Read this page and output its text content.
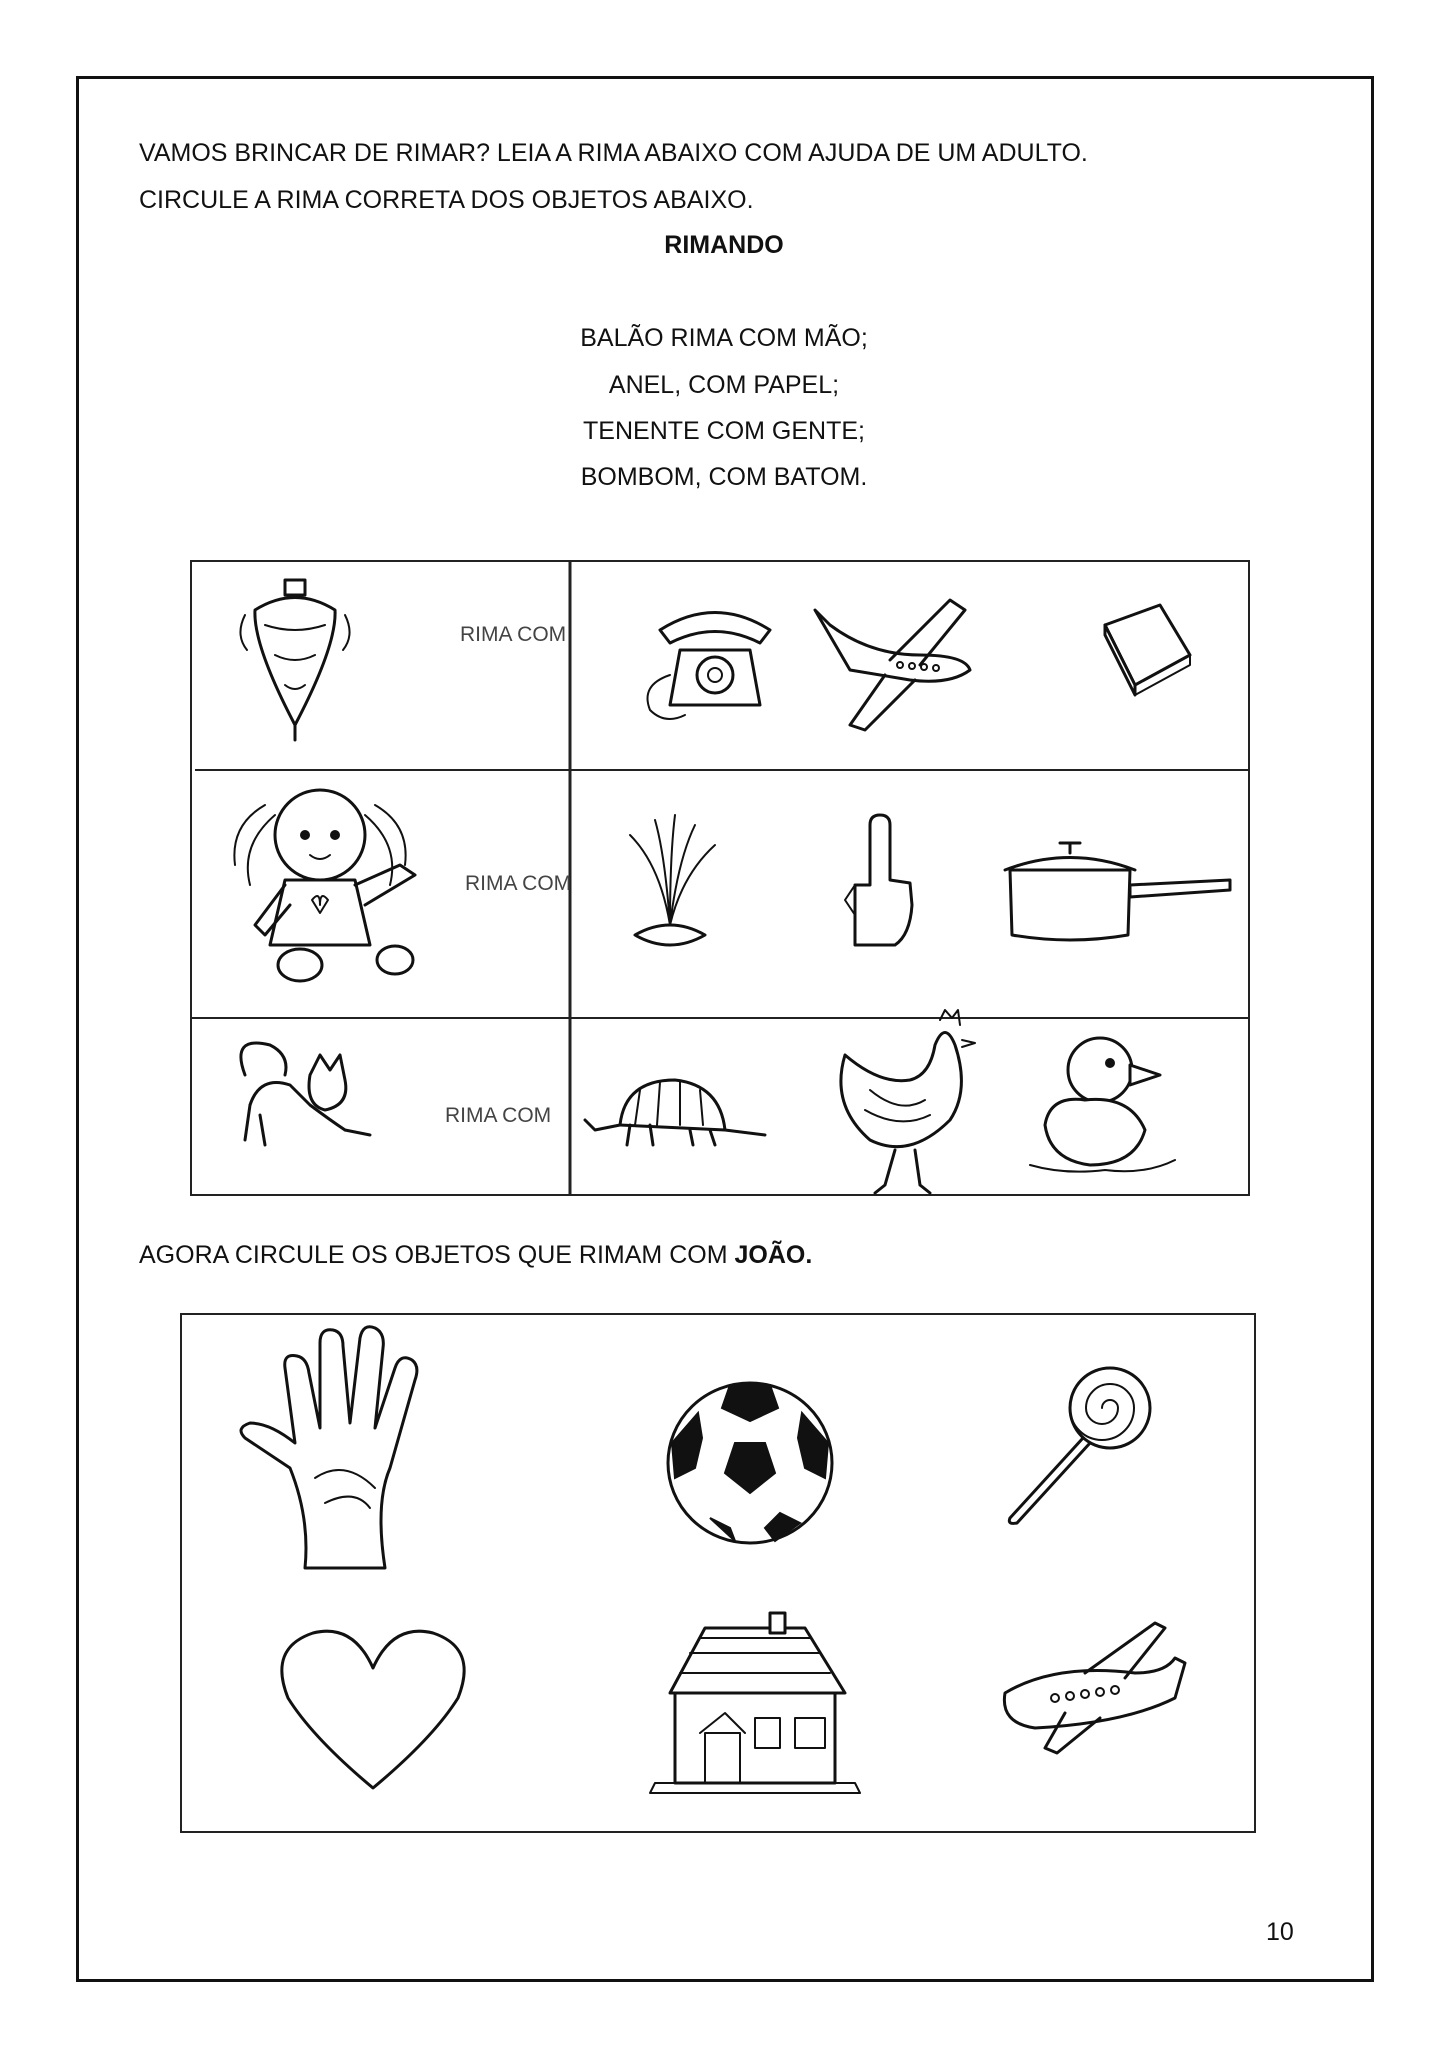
VAMOS BRINCAR DE RIMAR? LEIA A RIMA ABAIXO COM AJUDA DE UM ADULTO.
CIRCULE A RIMA CORRETA DOS OBJETOS ABAIXO.
RIMANDO
BALÃO RIMA COM MÃO;
ANEL, COM PAPEL;
TENENTE COM GENTE;
BOMBOM, COM BATOM.
RIMA COM
RIMA COM
RIMA COM
AGORA CIRCULE OS OBJETOS QUE RIMAM COM JOÃO.
10
